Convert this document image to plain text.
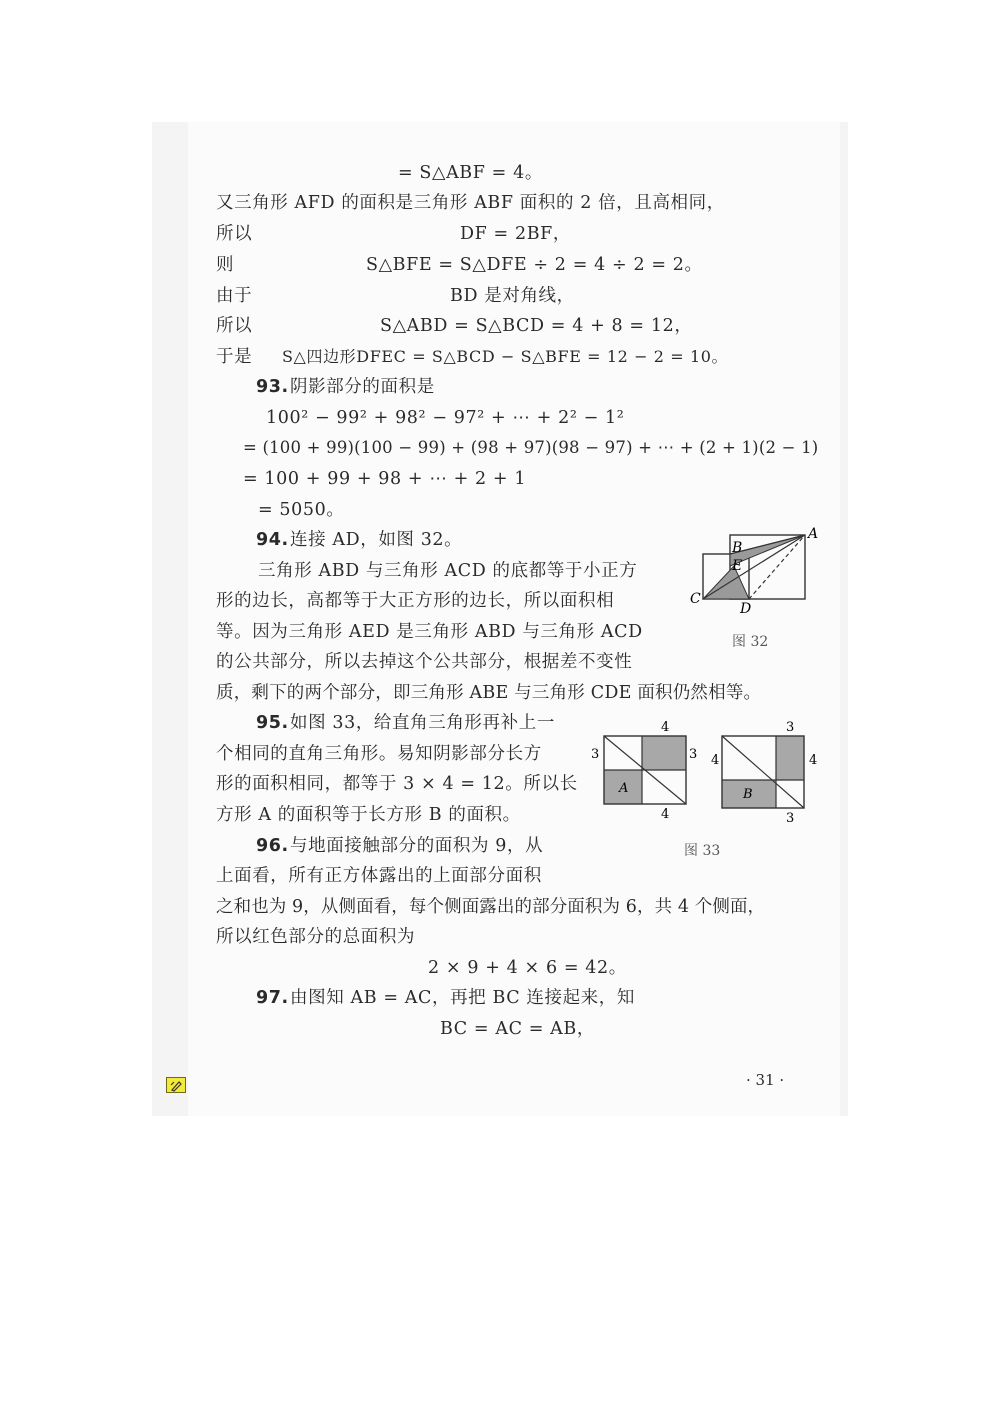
= S△ABF = 4。
又三角形 AFD 的面积是三角形 ABF 面积的 2 倍，且高相同，
所以	DF = 2BF，
则	S△BFE = S△DFE ÷ 2 = 4 ÷ 2 = 2。
由于	BD 是对角线，
所以	S△ABD = S△BCD = 4 + 8 = 12，
于是 S△四边形DFEC = S△BCD − S△BFE = 12 − 2 = 10。
93. 阴影部分的面积是
100² − 99² + 98² − 97² + ⋯ + 2² − 1²
= (100 + 99)(100 − 99) + (98 + 97)(98 − 97) + ⋯ + (2 + 1)(2 − 1)
= 100 + 99 + 98 + ⋯ + 2 + 1
= 5050。
94. 连接 AD，如图 32。
三角形 ABD 与三角形 ACD 的底都等于小正方
形的边长，高都等于大正方形的边长，所以面积相
等。因为三角形 AED 是三角形 ABD 与三角形 ACD
的公共部分，所以去掉这个公共部分，根据差不变性
质，剩下的两个部分，即三角形 ABE 与三角形 CDE 面积仍然相等。
A
B
E
C
D
图 32
95. 如图 33，给直角三角形再补上一
个相同的直角三角形。易知阴影部分长方
形的面积相同，都等于 3 × 4 = 12。所以长
方形 A 的面积等于长方形 B 的面积。
4
3	3
4
A
3
4	4
3
B
图 33
96. 与地面接触部分的面积为 9，从
上面看，所有正方体露出的上面部分面积
之和也为 9，从侧面看，每个侧面露出的部分面积为 6，共 4 个侧面，
所以红色部分的总面积为
2 × 9 + 4 × 6 = 42。
97. 由图知 AB = AC，再把 BC 连接起来，知
BC = AC = AB，
· 31 ·
